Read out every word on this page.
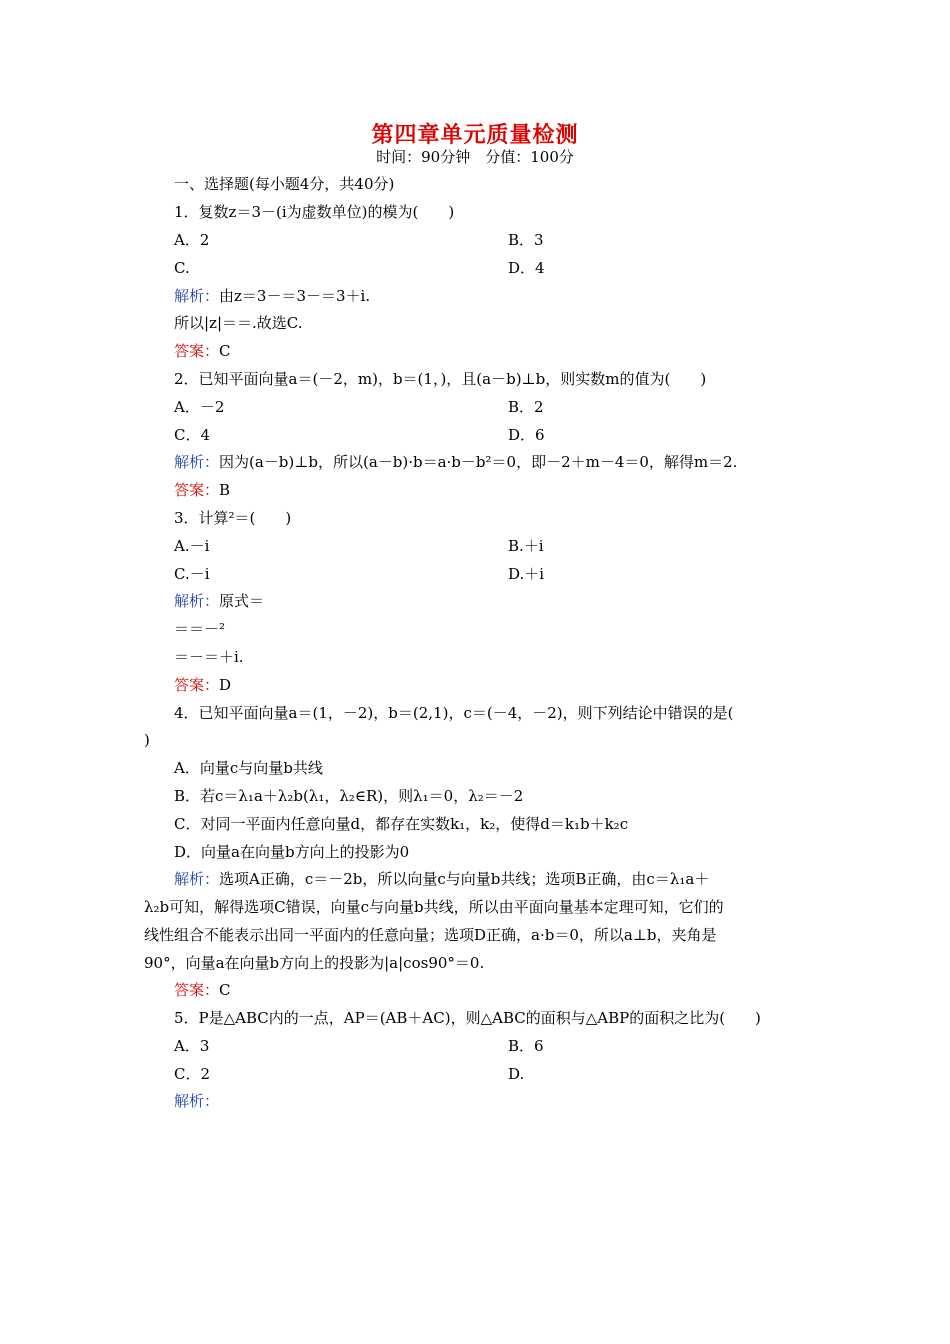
第四章单元质量检测
时间：90分钟　分值：100分
一、选择题(每小题4分，共40分)
1．复数z＝3－(i为虚数单位)的模为(　　)
A．2	B．3
C.	D．4
解析：由z＝3－＝3－＝3＋i.
所以|z|＝＝.故选C.
答案：C
2．已知平面向量a＝(－2，m)，b＝(1，)，且(a－b)⊥b，则实数m的值为(　　)
A．－2	B．2
C．4	D．6
解析：因为(a－b)⊥b，所以(a－b)·b＝a·b－b²＝0，即－2＋m－4＝0，解得m＝2.
答案：B
3．计算²＝(　　)
A.－i	B.＋i
C.－i	D.＋i
解析：原式＝
＝＝－²
＝－＝＋i.
答案：D
4．已知平面向量a＝(1，－2)，b＝(2,1)，c＝(－4，－2)，则下列结论中错误的是(
)
A．向量c与向量b共线
B．若c＝λ₁a＋λ₂b(λ₁，λ₂∈R)，则λ₁＝0，λ₂＝－2
C．对同一平面内任意向量d，都存在实数k₁，k₂，使得d＝k₁b＋k₂c
D．向量a在向量b方向上的投影为0
解析：选项A正确，c＝－2b，所以向量c与向量b共线；选项B正确，由c＝λ₁a＋
λ₂b可知，解得选项C错误，向量c与向量b共线，所以由平面向量基本定理可知，它们的
线性组合不能表示出同一平面内的任意向量；选项D正确，a·b＝0，所以a⊥b，夹角是
90°，向量a在向量b方向上的投影为|a|cos90°＝0.
答案：C
5．P是△ABC内的一点，AP＝(AB＋AC)，则△ABC的面积与△ABP的面积之比为(　　)
A．3	B．6
C．2	D.
解析：
